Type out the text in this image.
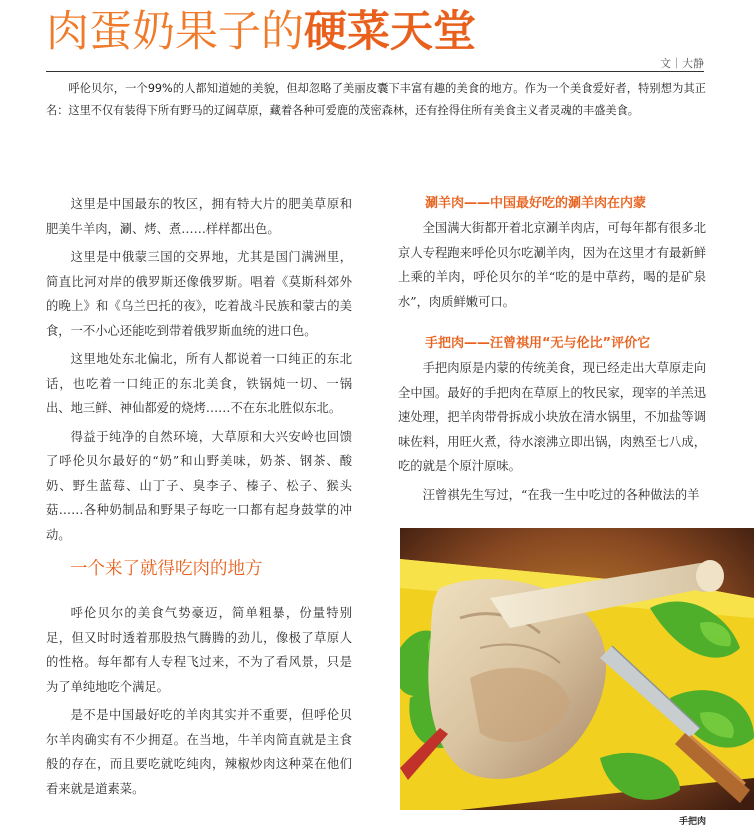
肉蛋奶果子的硬菜天堂
文｜大静
呼伦贝尔，一个99%的人都知道她的美貌，但却忽略了美丽皮囊下丰富有趣的美食的地方。作为一个美食爱好者，特别想为其正名：这里不仅有装得下所有野马的辽阔草原，藏着各种可爱鹿的茂密森林，还有拴得住所有美食主义者灵魂的丰盛美食。

这里是中国最东的牧区，拥有特大片的肥美草原和肥美牛羊肉，涮、烤、煮……样样都出色。

这里是中俄蒙三国的交界地，尤其是国门满洲里，简直比河对岸的俄罗斯还像俄罗斯。唱着《莫斯科郊外的晚上》和《乌兰巴托的夜》，吃着战斗民族和蒙古的美食，一不小心还能吃到带着俄罗斯血统的进口色。

这里地处东北偏北，所有人都说着一口纯正的东北话，也吃着一口纯正的东北美食，铁锅炖一切、一锅出、地三鲜、神仙都爱的烧烤……不在东北胜似东北。

得益于纯净的自然环境，大草原和大兴安岭也回馈了呼伦贝尔最好的“奶”和山野美味，奶茶、钢茶、酸奶、野生蓝莓、山丁子、臭李子、榛子、松子、猴头菇……各种奶制品和野果子每吃一口都有起身鼓掌的冲动。

一个来了就得吃肉的地方

呼伦贝尔的美食气势豪迈，简单粗暴，份量特别足，但又时时透着那股热气腾腾的劲儿，像极了草原人的性格。每年都有人专程飞过来，不为了看风景，只是为了单纯地吃个满足。

是不是中国最好吃的羊肉其实并不重要，但呼伦贝尔羊肉确实有不少拥趸。在当地，牛羊肉简直就是主食般的存在，而且要吃就吃纯肉，辣椒炒肉这种菜在他们看来就是道素菜。

涮羊肉——中国最好吃的涮羊肉在内蒙

全国满大街都开着北京涮羊肉店，可每年都有很多北京人专程跑来呼伦贝尔吃涮羊肉，因为在这里才有最新鲜上乘的羊肉，呼伦贝尔的羊“吃的是中草药，喝的是矿泉水”，肉质鲜嫩可口。

手把肉——汪曾祺用“无与伦比”评价它

手把肉原是内蒙的传统美食，现已经走出大草原走向全中国。最好的手把肉在草原上的牧民家，现宰的羊羔迅速处理，把羊肉带骨拆成小块放在清水锅里，不加盐等调味佐料，用旺火煮，待水滚沸立即出锅，肉熟至七八成，吃的就是个原汁原味。

汪曾祺先生写过，“在我一生中吃过的各种做法的羊

手把肉
